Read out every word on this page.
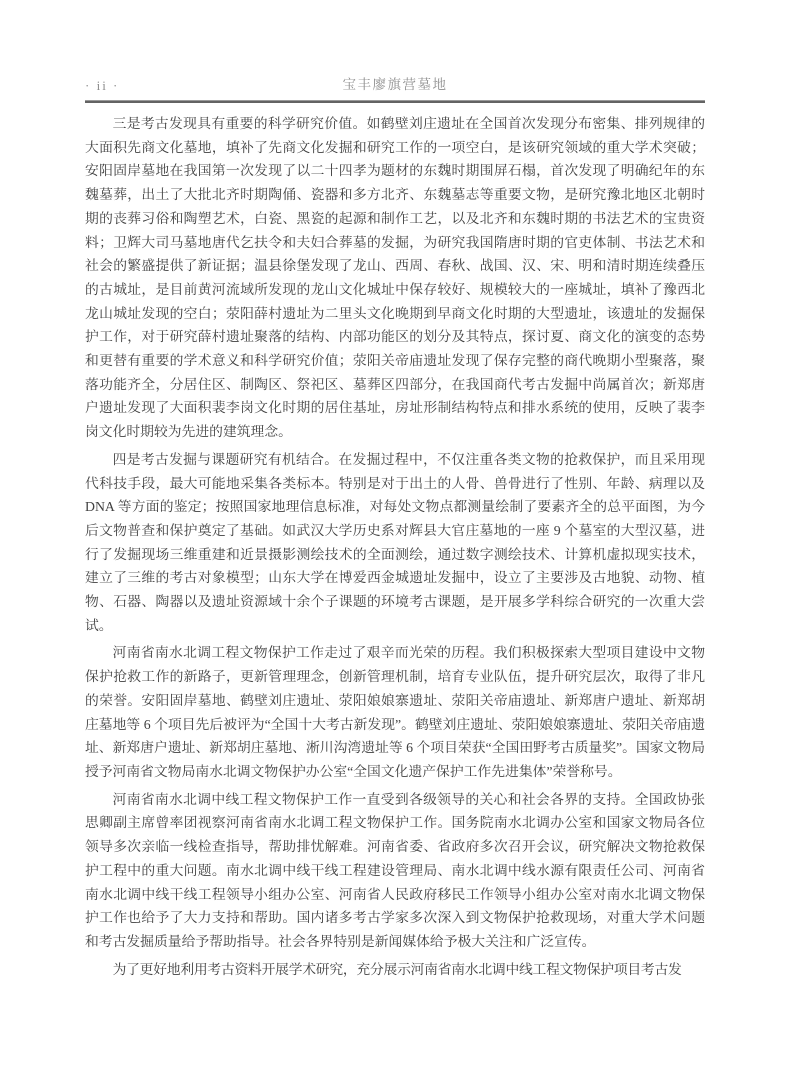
· ii ·	宝丰廖旗营墓地

三是考古发现具有重要的科学研究价值。如鹤壁刘庄遗址在全国首次发现分布密集、排列规律的大面积先商文化墓地，填补了先商文化发掘和研究工作的一项空白，是该研究领域的重大学术突破；安阳固岸墓地在我国第一次发现了以二十四孝为题材的东魏时期围屏石榻，首次发现了明确纪年的东魏墓葬，出土了大批北齐时期陶俑、瓷器和多方北齐、东魏墓志等重要文物，是研究豫北地区北朝时期的丧葬习俗和陶塑艺术，白瓷、黑瓷的起源和制作工艺，以及北齐和东魏时期的书法艺术的宝贵资料；卫辉大司马墓地唐代乞扶令和夫妇合葬墓的发掘，为研究我国隋唐时期的官吏体制、书法艺术和社会的繁盛提供了新证据；温县徐堡发现了龙山、西周、春秋、战国、汉、宋、明和清时期连续叠压的古城址，是目前黄河流域所发现的龙山文化城址中保存较好、规模较大的一座城址，填补了豫西北龙山城址发现的空白；荥阳薛村遗址为二里头文化晚期到早商文化时期的大型遗址，该遗址的发掘保护工作，对于研究薛村遗址聚落的结构、内部功能区的划分及其特点，探讨夏、商文化的演变的态势和更替有重要的学术意义和科学研究价值；荥阳关帝庙遗址发现了保存完整的商代晚期小型聚落，聚落功能齐全，分居住区、制陶区、祭祀区、墓葬区四部分，在我国商代考古发掘中尚属首次；新郑唐户遗址发现了大面积裴李岗文化时期的居住基址，房址形制结构特点和排水系统的使用，反映了裴李岗文化时期较为先进的建筑理念。

四是考古发掘与课题研究有机结合。在发掘过程中，不仅注重各类文物的抢救保护，而且采用现代科技手段，最大可能地采集各类标本。特别是对于出土的人骨、兽骨进行了性别、年龄、病理以及DNA 等方面的鉴定；按照国家地理信息标准，对每处文物点都测量绘制了要素齐全的总平面图，为今后文物普查和保护奠定了基础。如武汉大学历史系对辉县大官庄墓地的一座 9 个墓室的大型汉墓，进行了发掘现场三维重建和近景摄影测绘技术的全面测绘，通过数字测绘技术、计算机虚拟现实技术，建立了三维的考古对象模型；山东大学在博爱西金城遗址发掘中，设立了主要涉及古地貌、动物、植物、石器、陶器以及遗址资源域十余个子课题的环境考古课题，是开展多学科综合研究的一次重大尝试。

河南省南水北调工程文物保护工作走过了艰辛而光荣的历程。我们积极探索大型项目建设中文物保护抢救工作的新路子，更新管理理念，创新管理机制，培育专业队伍，提升研究层次，取得了非凡的荣誉。安阳固岸墓地、鹤壁刘庄遗址、荥阳娘娘寨遗址、荥阳关帝庙遗址、新郑唐户遗址、新郑胡庄墓地等 6 个项目先后被评为“全国十大考古新发现”。鹤壁刘庄遗址、荥阳娘娘寨遗址、荥阳关帝庙遗址、新郑唐户遗址、新郑胡庄墓地、淅川沟湾遗址等 6 个项目荣获“全国田野考古质量奖”。国家文物局授予河南省文物局南水北调文物保护办公室“全国文化遗产保护工作先进集体”荣誉称号。

河南省南水北调中线工程文物保护工作一直受到各级领导的关心和社会各界的支持。全国政协张思卿副主席曾率团视察河南省南水北调工程文物保护工作。国务院南水北调办公室和国家文物局各位领导多次亲临一线检查指导，帮助排忧解难。河南省委、省政府多次召开会议，研究解决文物抢救保护工程中的重大问题。南水北调中线干线工程建设管理局、南水北调中线水源有限责任公司、河南省南水北调中线干线工程领导小组办公室、河南省人民政府移民工作领导小组办公室对南水北调文物保护工作也给予了大力支持和帮助。国内诸多考古学家多次深入到文物保护抢救现场，对重大学术问题和考古发掘质量给予帮助指导。社会各界特别是新闻媒体给予极大关注和广泛宣传。

为了更好地利用考古资料开展学术研究，充分展示河南省南水北调中线工程文物保护项目考古发
